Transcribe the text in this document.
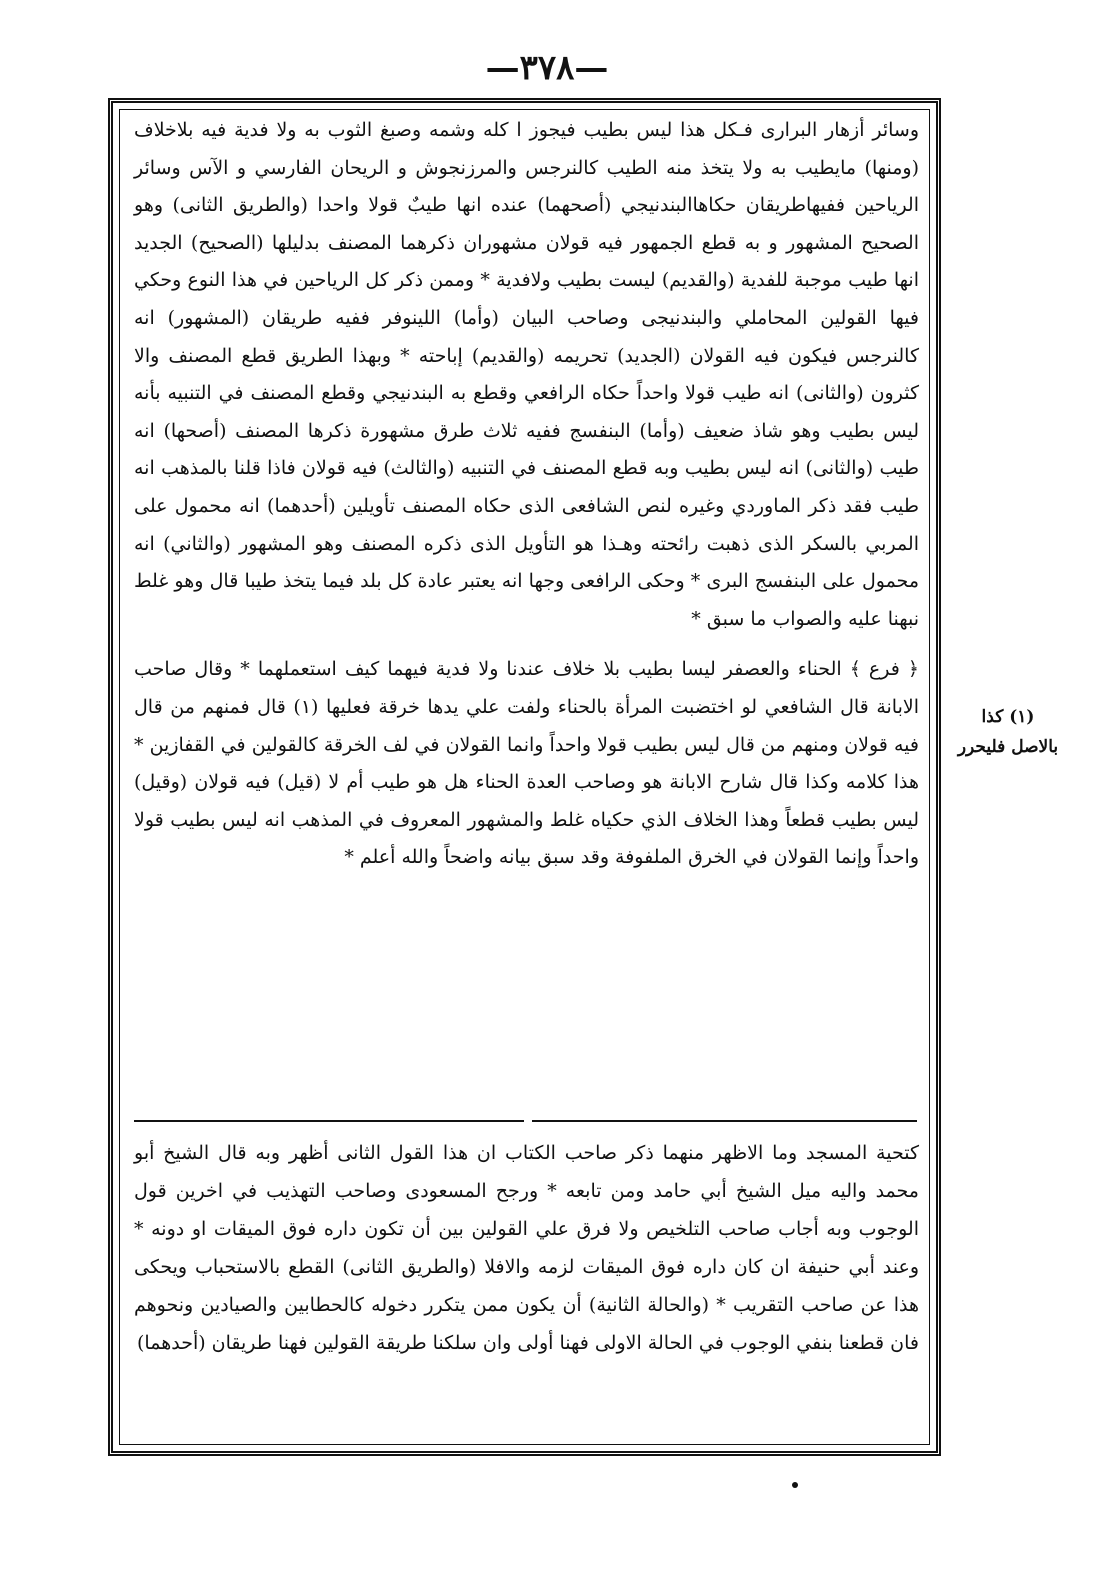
—٣٧٨—

وسائر أزهار البرارى فـكل هذا ليس بطيب فيجوز ا كله وشمه وصبغ الثوب به ولا فدية فيه بلاخلاف (ومنها) مايطيب به ولا يتخذ منه الطيب كالنرجس والمرزنجوش و الريحان الفارسي و الآس وسائر الرياحين ففيهاطريقان حكاهاالبندنيجي (أصحهما) عنده انها طيبٌ قولا واحدا (والطريق الثانى) وهو الصحيح المشهور و به قطع الجمهور فيه قولان مشهوران ذكرهما المصنف بدليلها (الصحيح) الجديد انها طيب موجبة للفدية (والقديم) ليست بطيب ولافدية * وممن ذكر كل الرياحين في هذا النوع وحكي فيها القولين المحاملي والبندنيجى وصاحب البيان (وأما) اللينوفر ففيه طريقان (المشهور) انه كالنرجس فيكون فيه القولان (الجديد) تحريمه (والقديم) إباحته * وبهذا الطريق قطع المصنف والا كثرون (والثانى) انه طيب قولا واحداً حكاه الرافعي وقطع به البندنيجي وقطع المصنف في التنبيه بأنه ليس بطيب وهو شاذ ضعيف (وأما) البنفسج ففيه ثلاث طرق مشهورة ذكرها المصنف (أصحها) انه طيب (والثانى) انه ليس بطيب وبه قطع المصنف في التنبيه (والثالث) فيه قولان فاذا قلنا بالمذهب انه طيب فقد ذكر الماوردي وغيره لنص الشافعى الذى حكاه المصنف تأويلين (أحدهما) انه محمول على المربي بالسكر الذى ذهبت رائحته وهـذا هو التأويل الذى ذكره المصنف وهو المشهور (والثاني) انه محمول على البنفسج البرى * وحكى الرافعى وجها انه يعتبر عادة كل بلد فيما يتخذ طيبا قال وهو غلط نبهنا عليه والصواب ما سبق *

﴿ فرع ﴾ الحناء والعصفر ليسا بطيب بلا خلاف عندنا ولا فدية فيهما كيف استعملهما * وقال صاحب الابانة قال الشافعي لو اختضبت المرأة بالحناء ولفت علي يدها خرقة فعليها (١) قال فمنهم من قال فيه قولان ومنهم من قال ليس بطيب قولا واحداً وانما القولان في لف الخرقة كالقولين في القفازين * هذا كلامه وكذا قال شارح الابانة هو وصاحب العدة الحناء هل هو طيب أم لا (قيل) فيه قولان (وقيل) ليس بطيب قطعاً وهذا الخلاف الذي حكياه غلط والمشهور المعروف في المذهب انه ليس بطيب قولا واحداً وإنما القولان في الخرق الملفوفة وقد سبق بيانه واضحاً والله أعلم *

كتحية المسجد وما الاظهر منهما ذكر صاحب الكتاب ان هذا القول الثانى أظهر وبه قال الشيخ أبو محمد واليه ميل الشيخ أبي حامد ومن تابعه * ورجح المسعودى وصاحب التهذيب في اخرين قول الوجوب وبه أجاب صاحب التلخيص ولا فرق علي القولين بين أن تكون داره فوق الميقات او دونه * وعند أبي حنيفة ان كان داره فوق الميقات لزمه والافلا (والطريق الثانى) القطع بالاستحباب ويحكى هذا عن صاحب التقريب * (والحالة الثانية) أن يكون ممن يتكرر دخوله كالحطابين والصيادين ونحوهم فان قطعنا بنفي الوجوب في الحالة الاولى فهنا أولى وان سلكنا طريقة القولين فهنا طريقان (أحدهما)

(١) كذا
بالاصل فليحرر
